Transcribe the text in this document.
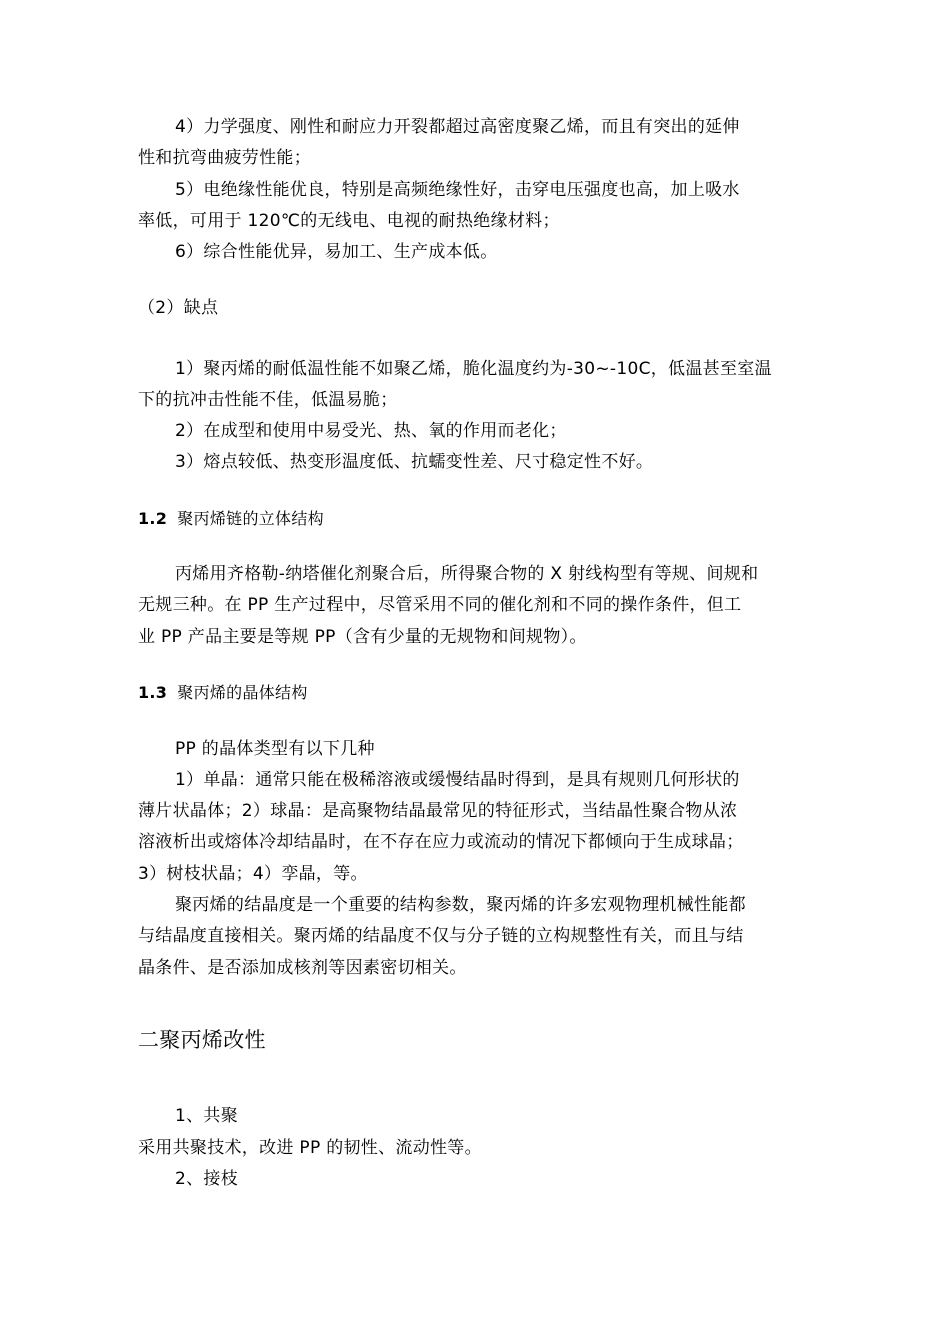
4）力学强度、刚性和耐应力开裂都超过高密度聚乙烯，而且有突出的延伸
性和抗弯曲疲劳性能；
5）电绝缘性能优良，特别是高频绝缘性好，击穿电压强度也高，加上吸水
率低，可用于 120℃的无线电、电视的耐热绝缘材料；
6）综合性能优异，易加工、生产成本低。
（2）缺点
1）聚丙烯的耐低温性能不如聚乙烯，脆化温度约为-30~-10C，低温甚至室温
下的抗冲击性能不佳，低温易脆；
2）在成型和使用中易受光、热、氧的作用而老化；
3）熔点较低、热变形温度低、抗蠕变性差、尺寸稳定性不好。
1.2 聚丙烯链的立体结构
丙烯用齐格勒-纳塔催化剂聚合后，所得聚合物的 X 射线构型有等规、间规和
无规三种。在 PP 生产过程中，尽管采用不同的催化剂和不同的操作条件，但工
业 PP 产品主要是等规 PP（含有少量的无规物和间规物）。
1.3 聚丙烯的晶体结构
PP 的晶体类型有以下几种
1）单晶：通常只能在极稀溶液或缓慢结晶时得到，是具有规则几何形状的
薄片状晶体；2）球晶：是高聚物结晶最常见的特征形式，当结晶性聚合物从浓
溶液析出或熔体冷却结晶时，在不存在应力或流动的情况下都倾向于生成球晶；
3）树枝状晶；4）孪晶，等。
聚丙烯的结晶度是一个重要的结构参数，聚丙烯的许多宏观物理机械性能都
与结晶度直接相关。聚丙烯的结晶度不仅与分子链的立构规整性有关，而且与结
晶条件、是否添加成核剂等因素密切相关。
二聚丙烯改性
1、共聚
采用共聚技术，改进 PP 的韧性、流动性等。
2、接枝
